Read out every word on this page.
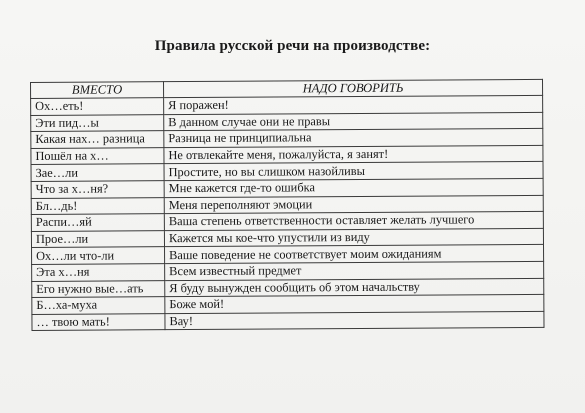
Правила русской речи на производстве:
ВМЕСТО	НАДО ГОВОРИТЬ
Ох…еть!	Я поражен!
Эти пид…ы	В данном случае они не правы
Какая нах… разница	Разница не принципиальна
Пошёл на х…	Не отвлекайте меня, пожалуйста, я занят!
Зае…ли	Простите, но вы слишком назойливы
Что за х…ня?	Мне кажется где-то ошибка
Бл…дь!	Меня переполняют эмоции
Распи…яй	Ваша степень ответственности оставляет желать лучшего
Прое…ли	Кажется мы кое-что упустили из виду
Ох…ли что-ли	Ваше поведение не соответствует моим ожиданиям
Эта х…ня	Всем известный предмет
Его нужно вые…ать	Я буду вынужден сообщить об этом начальству
Б…ха-муха	Боже мой!
… твою мать!	Вау!
